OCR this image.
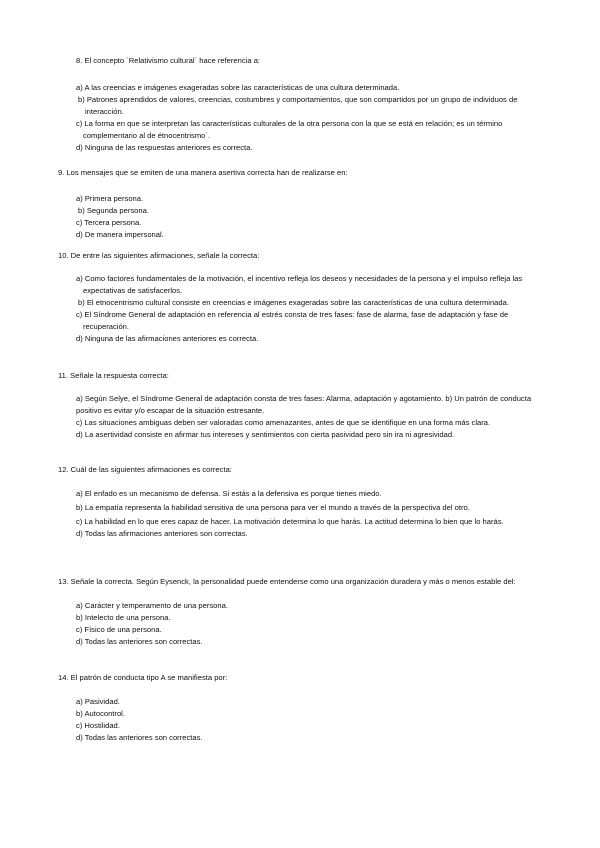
8. El concepto `Relativismo cultural´ hace referencia a:
a) A las creencias e imágenes exageradas sobre las características de una cultura determinada.
b) Patrones aprendidos de valores, creencias, costumbres y comportamientos, que son compartidos por un grupo de individuos de interacción.
c) La forma en que se interpretan las características culturales de la otra persona con la que se está en relación; es un término complementario al de étnocentrismo´.
d) Ninguna de las respuestas anteriores es correcta.
9. Los mensajes que se emiten de una manera asertiva correcta han de realizarse en:
a) Primera persona.
b) Segunda persona.
c) Tercera persona.
d) De manera impersonal.
10. De entre las siguientes afirmaciones, señale la correcta:
a) Como factores fundamentales de la motivación, el incentivo refleja los deseos y necesidades de la persona y el impulso refleja las expectativas de satisfacerlos.
b) El etnocentrismo cultural consiste en creencias e imágenes exageradas sobre las características de una cultura determinada.
c) El Síndrome General de adaptación en referencia al estrés consta de tres fases: fase de alarma, fase de adaptación y fase de recuperación.
d) Ninguna de las afirmaciones anteriores es correcta.
11. Señale la respuesta correcta:
a) Según Selye, el Síndrome General de adaptación consta de tres fases: Alarma, adaptación y agotamiento. b) Un patrón de conducta positivo es evitar y/o escapar de la situación estresante.
c) Las situaciones ambiguas deben ser valoradas como amenazantes, antes de que se identifique en una forma más clara.
d) La asertividad consiste en afirmar tus intereses y sentimientos con cierta pasividad pero sin ira ni agresividad.
12. Cuál de las siguientes afirmaciones es correcta:
a) El enfado es un mecanismo de defensa. Si estás a la defensiva es porque tienes miedo.
b) La empatía representa la habilidad sensitiva de una persona para ver el mundo a través de la perspectiva del otro.
c) La habilidad en lo que eres capaz de hacer. La motivación determina lo que harás. La actitud determina lo bien que lo harás.
d) Todas las afirmaciones anteriores son correctas.
13. Señale la correcta. Según Eysenck, la personalidad puede entenderse como una organización duradera y más o menos estable del:
a) Carácter y temperamento de una persona.
b) Intelecto de una persona.
c) Físico de una persona.
d) Todas las anteriores son correctas.
14. El patrón de conducta tipo A se manifiesta por:
a) Pasividad.
b) Autocontrol.
c) Hostilidad.
d) Todas las anteriores son correctas.
